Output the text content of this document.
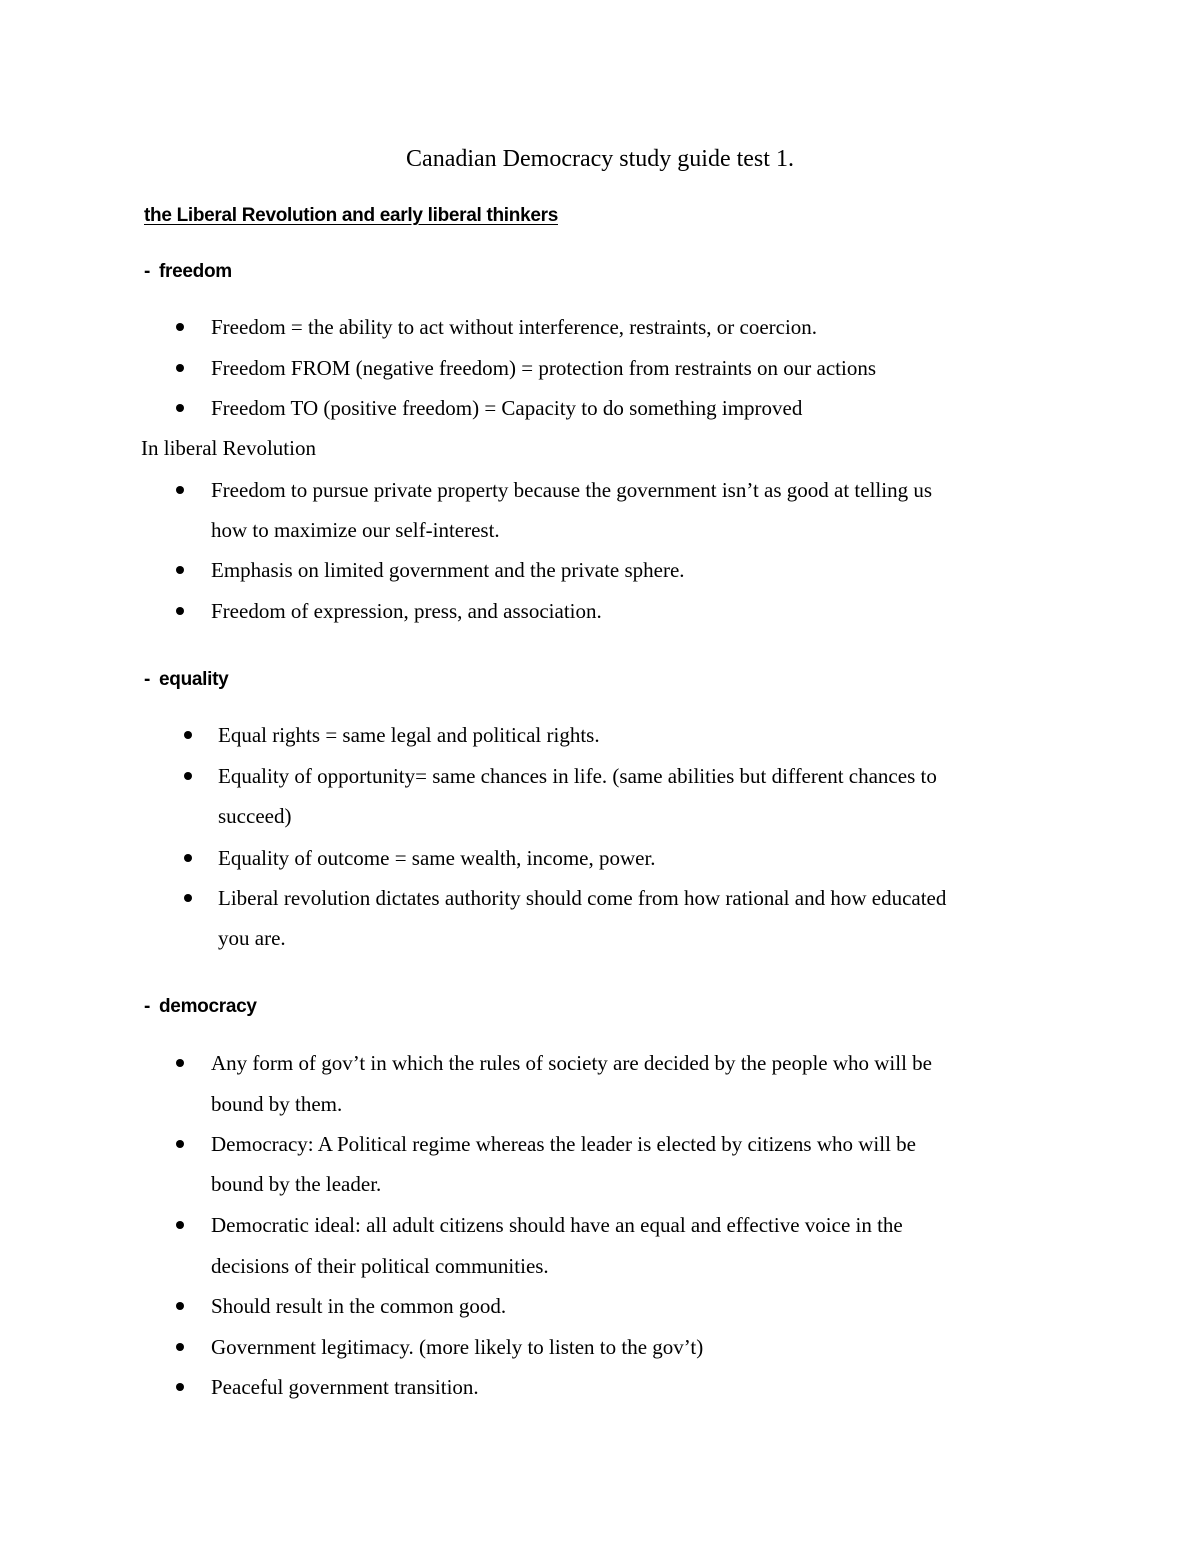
Canadian Democracy study guide test 1.
the Liberal Revolution and early liberal thinkers
- freedom
Freedom = the ability to act without interference, restraints, or coercion.
Freedom FROM (negative freedom) = protection from restraints on our actions
Freedom TO (positive freedom) = Capacity to do something improved
In liberal Revolution
Freedom to pursue private property because the government isn’t as good at telling us
how to maximize our self-interest.
Emphasis on limited government and the private sphere.
Freedom of expression, press, and association.
- equality
Equal rights = same legal and political rights.
Equality of opportunity= same chances in life. (same abilities but different chances to
succeed)
Equality of outcome = same wealth, income, power.
Liberal revolution dictates authority should come from how rational and how educated
you are.
- democracy
Any form of gov’t in which the rules of society are decided by the people who will be
bound by them.
Democracy: A Political regime whereas the leader is elected by citizens who will be
bound by the leader.
Democratic ideal: all adult citizens should have an equal and effective voice in the
decisions of their political communities.
Should result in the common good.
Government legitimacy. (more likely to listen to the gov’t)
Peaceful government transition.
